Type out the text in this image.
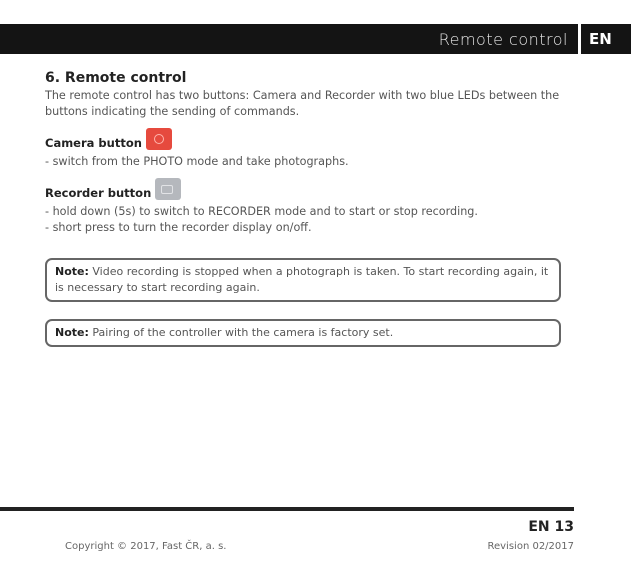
Remote control	EN
6. Remote control

The remote control has two buttons: Camera and Recorder with two blue LEDs between the buttons indicating the sending of commands.

Camera button

- switch from the PHOTO mode and take photographs.

Recorder button

- hold down (5s) to switch to RECORDER mode and to start or stop recording.

- short press to turn the recorder display on/off.

Note: Video recording is stopped when a photograph is taken. To start recording again, it is necessary to start recording again.
Note: Pairing of the controller with the camera is factory set.
EN 13
Copyright © 2017, Fast ČR, a. s.	Revision 02/2017
